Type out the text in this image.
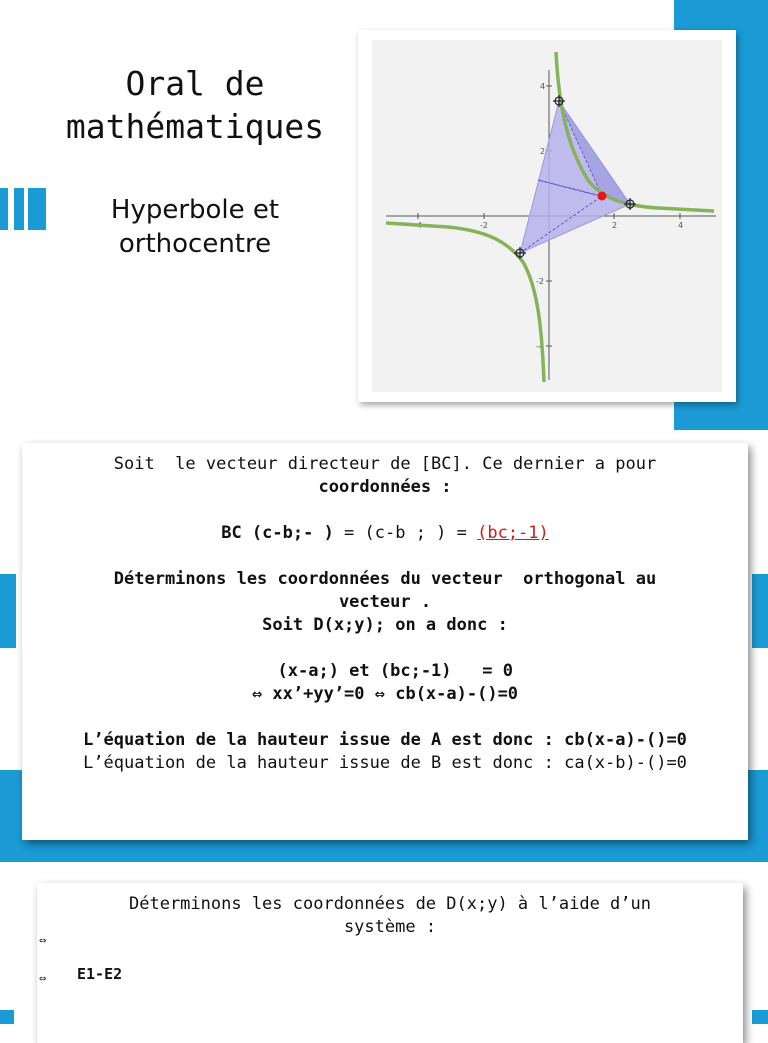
Oral de
mathématiques
Hyperbole et
orthocentre
-4	-2	2	4
4
2
-2
-4
Soit  le vecteur directeur de [BC]. Ce dernier a pour
coordonnées :
BC (c-b;- ) = (c-b ; ) = (bc;-1)
Déterminons les coordonnées du vecteur  orthogonal au
vecteur .
Soit D(x;y); on a donc :
(x-a;) et (bc;-1)   = 0
⇔ xx’+yy’=0 ⇔ cb(x-a)-()=0
L’équation de la hauteur issue de A est donc : cb(x-a)-()=0
L’équation de la hauteur issue de B est donc : ca(x-b)-()=0
Déterminons les coordonnées de D(x;y) à l’aide d’un
système :
⇔
⇔ E1-E2
